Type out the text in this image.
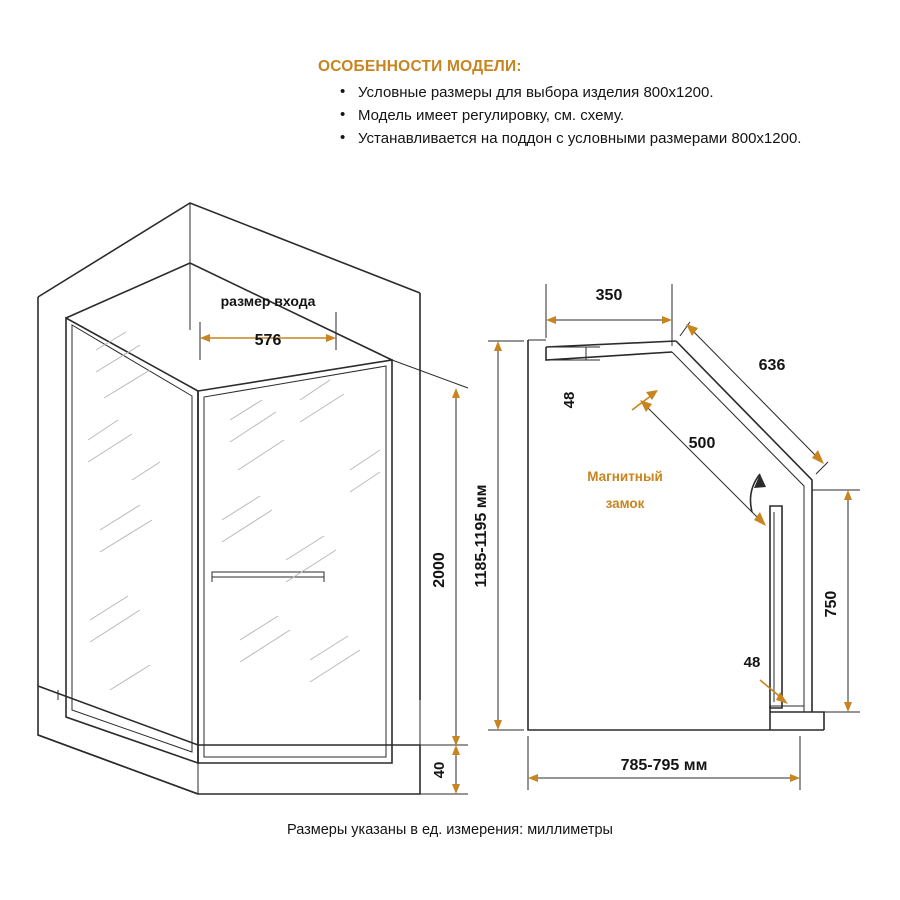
ОСОБЕННОСТИ МОДЕЛИ:
• Условные размеры для выбора изделия 800x1200.
• Модель имеет регулировку, см. схему.
• Устанавливается на поддон с условными размерами 800x1200.
размер входа
576
2000
40
Магнитный
замок
350
636
48
500
750
48
785-795 мм
1185-1195 мм
Размеры указаны в ед. измерения: миллиметры
